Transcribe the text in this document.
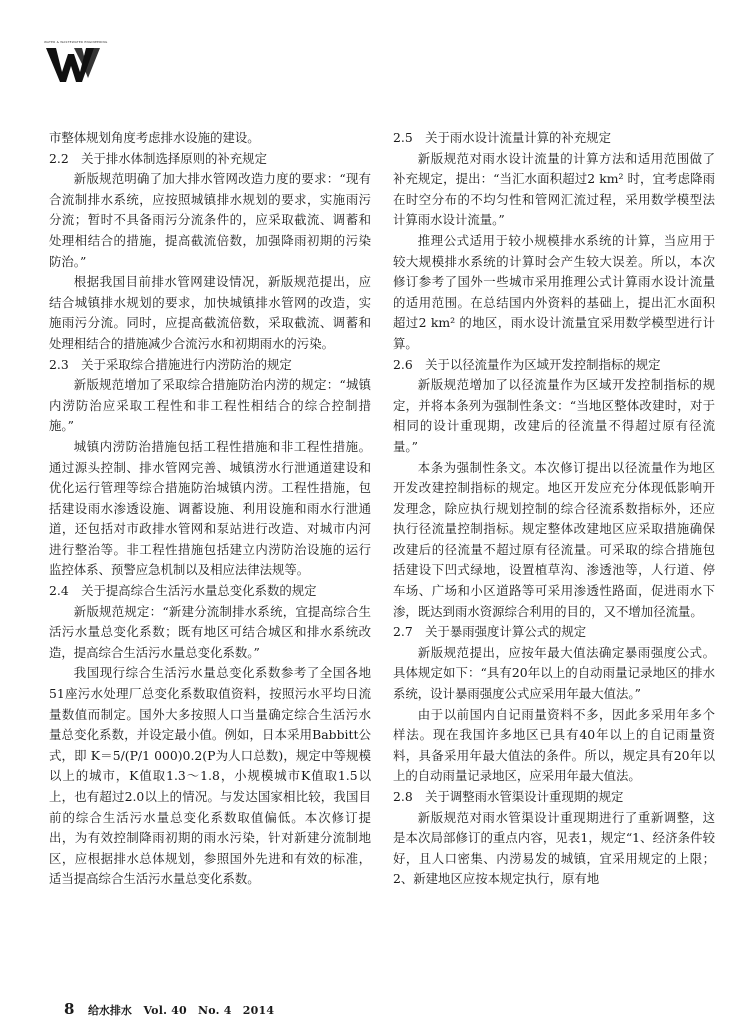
WATER & WASTEWATER ENGINEERING

市整体规划角度考虑排水设施的建设。

2.2　关于排水体制选择原则的补充规定

新版规范明确了加大排水管网改造力度的要求：“现有合流制排水系统，应按照城镇排水规划的要求，实施雨污分流；暂时不具备雨污分流条件的，应采取截流、调蓄和处理相结合的措施，提高截流倍数，加强降雨初期的污染防治。”

根据我国目前排水管网建设情况，新版规范提出，应结合城镇排水规划的要求，加快城镇排水管网的改造，实施雨污分流。同时，应提高截流倍数，采取截流、调蓄和处理相结合的措施减少合流污水和初期雨水的污染。

2.3　关于采取综合措施进行内涝防治的规定

新版规范增加了采取综合措施防治内涝的规定：“城镇内涝防治应采取工程性和非工程性相结合的综合控制措施。”

城镇内涝防治措施包括工程性措施和非工程性措施。通过源头控制、排水管网完善、城镇涝水行泄通道建设和优化运行管理等综合措施防治城镇内涝。工程性措施，包括建设雨水渗透设施、调蓄设施、利用设施和雨水行泄通道，还包括对市政排水管网和泵站进行改造、对城市内河进行整治等。非工程性措施包括建立内涝防治设施的运行监控体系、预警应急机制以及相应法律法规等。

2.4　关于提高综合生活污水量总变化系数的规定

新版规范规定：“新建分流制排水系统，宜提高综合生活污水量总变化系数；既有地区可结合城区和排水系统改造，提高综合生活污水量总变化系数。”

我国现行综合生活污水量总变化系数参考了全国各地51座污水处理厂总变化系数取值资料，按照污水平均日流量数值而制定。国外大多按照人口当量确定综合生活污水量总变化系数，并设定最小值。例如，日本采用Babbitt公式，即 K＝5/(P/1 000)0.2(P为人口总数)，规定中等规模以上的城市，K值取1.3～1.8，小规模城市K值取1.5以上，也有超过2.0以上的情况。与发达国家相比较，我国目前的综合生活污水量总变化系数取值偏低。本次修订提出，为有效控制降雨初期的雨水污染，针对新建分流制地区，应根据排水总体规划，参照国外先进和有效的标准，适当提高综合生活污水量总变化系数。

2.5　关于雨水设计流量计算的补充规定

新版规范对雨水设计流量的计算方法和适用范围做了补充规定，提出：“当汇水面积超过2 km² 时，宜考虑降雨在时空分布的不均匀性和管网汇流过程，采用数学模型法计算雨水设计流量。”

推理公式适用于较小规模排水系统的计算，当应用于较大规模排水系统的计算时会产生较大误差。所以，本次修订参考了国外一些城市采用推理公式计算雨水设计流量的适用范围。在总结国内外资料的基础上，提出汇水面积超过2 km² 的地区，雨水设计流量宜采用数学模型进行计算。

2.6　关于以径流量作为区域开发控制指标的规定

新版规范增加了以径流量作为区域开发控制指标的规定，并将本条列为强制性条文：“当地区整体改建时，对于相同的设计重现期，改建后的径流量不得超过原有径流量。”

本条为强制性条文。本次修订提出以径流量作为地区开发改建控制指标的规定。地区开发应充分体现低影响开发理念，除应执行规划控制的综合径流系数指标外，还应执行径流量控制指标。规定整体改建地区应采取措施确保改建后的径流量不超过原有径流量。可采取的综合措施包括建设下凹式绿地，设置植草沟、渗透池等，人行道、停车场、广场和小区道路等可采用渗透性路面，促进雨水下渗，既达到雨水资源综合利用的目的，又不增加径流量。

2.7　关于暴雨强度计算公式的规定

新版规范提出，应按年最大值法确定暴雨强度公式。具体规定如下：“具有20年以上的自动雨量记录地区的排水系统，设计暴雨强度公式应采用年最大值法。”

由于以前国内自记雨量资料不多，因此多采用年多个样法。现在我国许多地区已具有40年以上的自记雨量资料，具备采用年最大值法的条件。所以，规定具有20年以上的自动雨量记录地区，应采用年最大值法。

2.8　关于调整雨水管渠设计重现期的规定

新版规范对雨水管渠设计重现期进行了重新调整，这是本次局部修订的重点内容，见表1，规定“1、经济条件较好，且人口密集、内涝易发的城镇，宜采用规定的上限；2、新建地区应按本规定执行，原有地

8 给水排水 Vol. 40　No. 4　2014
